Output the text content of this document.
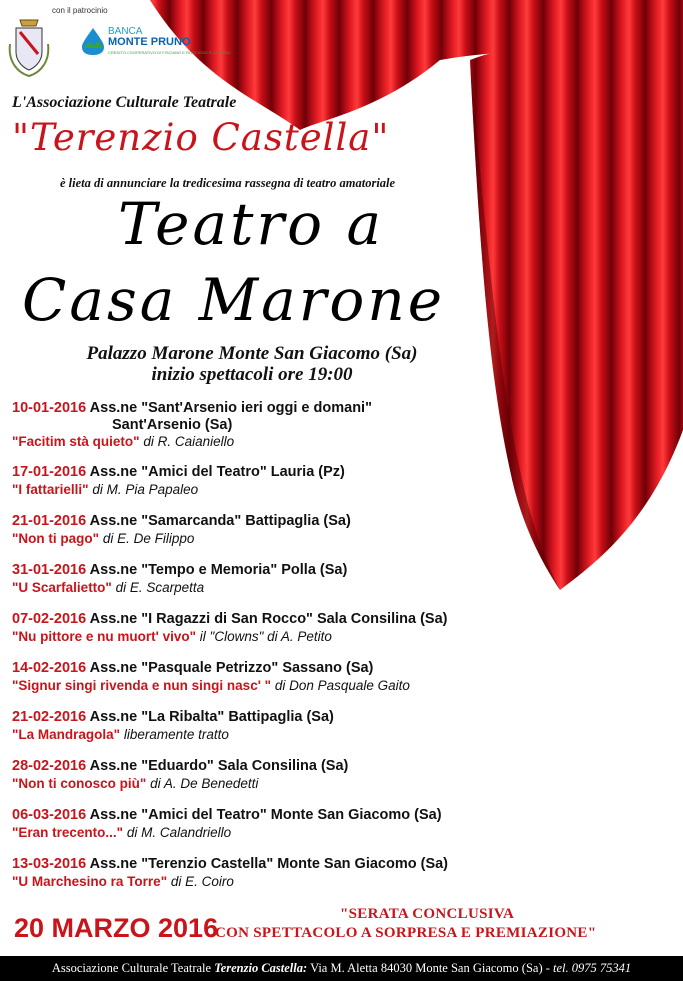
con il patrocinio
BANCA
MONTE PRUNO
CREDITO COOPERATIVO DI FISCIANO E ROSCIGNO E LAURINO
L'Associazione Culturale Teatrale
"Terenzio Castella"
è lieta di annunciare la tredicesima rassegna di teatro amatoriale
Teatro a
Casa Marone
Palazzo Marone Monte San Giacomo (Sa)
inizio spettacoli ore 19:00
10-01-2016 Ass.ne "Sant'Arsenio ieri oggi e domani"
Sant'Arsenio (Sa)
"Facitim stà quieto" di R. Caianiello
17-01-2016 Ass.ne "Amici del Teatro" Lauria (Pz)
"I fattarielli" di M. Pia Papaleo
21-01-2016 Ass.ne "Samarcanda" Battipaglia (Sa)
"Non ti pago" di E. De Filippo
31-01-2016 Ass.ne "Tempo e Memoria" Polla (Sa)
"U Scarfalietto" di E. Scarpetta
07-02-2016 Ass.ne "I Ragazzi di San Rocco" Sala Consilina (Sa)
"Nu pittore e nu muort' vivo" il "Clowns" di A. Petito
14-02-2016 Ass.ne "Pasquale Petrizzo" Sassano (Sa)
"Signur singi rivenda e nun singi nasc' " di Don Pasquale Gaito
21-02-2016 Ass.ne "La Ribalta" Battipaglia (Sa)
"La Mandragola" liberamente tratto
28-02-2016 Ass.ne "Eduardo" Sala Consilina (Sa)
"Non ti conosco più" di A. De Benedetti
06-03-2016 Ass.ne "Amici del Teatro" Monte San Giacomo (Sa)
"Eran trecento..." di M. Calandriello
13-03-2016 Ass.ne "Terenzio Castella" Monte San Giacomo (Sa)
"U Marchesino ra Torre" di E. Coiro
20 MARZO 2016	"SERATA CONCLUSIVA
CON SPETTACOLO A SORPRESA E PREMIAZIONE"
Associazione Culturale Teatrale Terenzio Castella: Via M. Aletta 84030 Monte San Giacomo (Sa) - tel. 0975 75341
